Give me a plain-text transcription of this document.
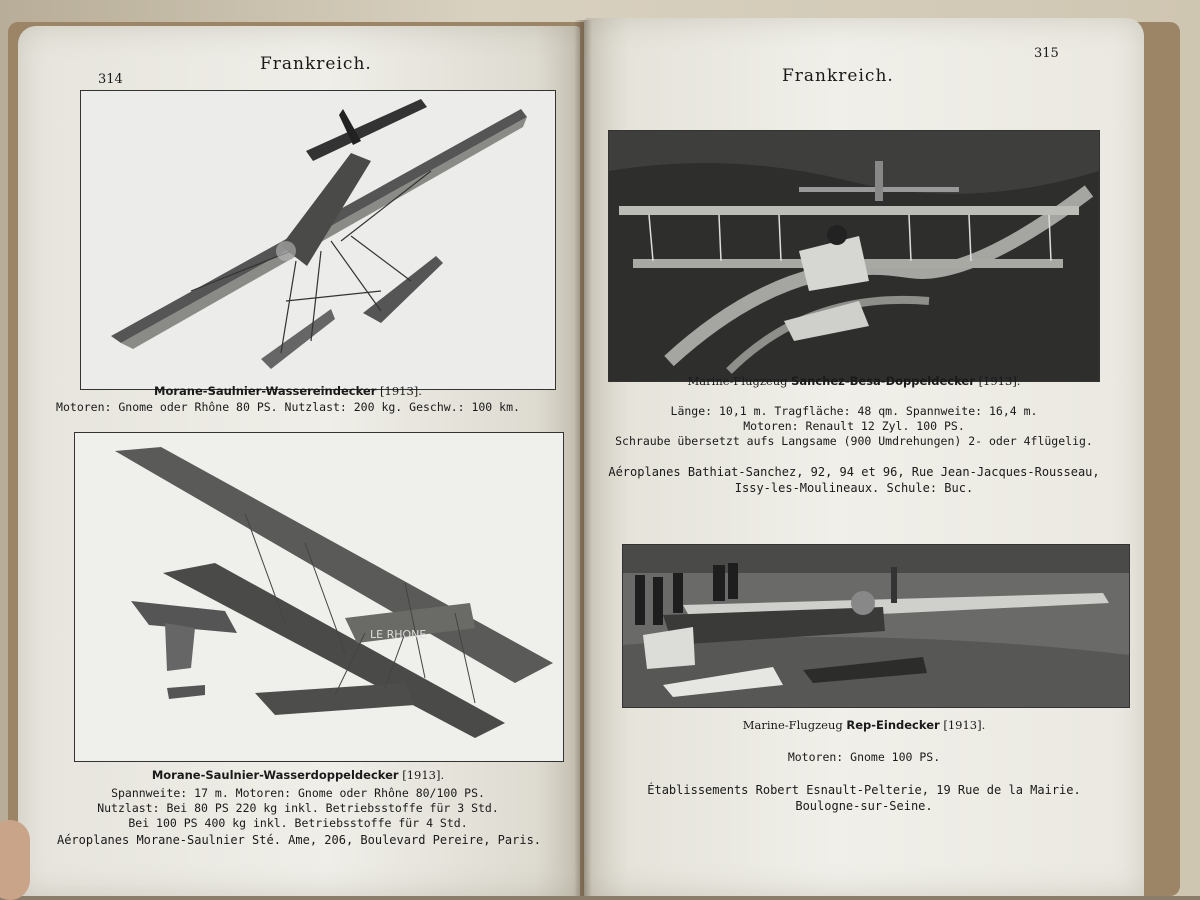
314
Frankreich.
Morane-Saulnier-Wassereindecker [1913].
Motoren: Gnome oder Rhône 80 PS. Nutzlast: 200 kg. Geschw.: 100 km.
LE RHONE
Morane-Saulnier-Wasserdoppeldecker [1913].
Spannweite: 17 m. Motoren: Gnome oder Rhône 80/100 PS.
Nutzlast: Bei 80 PS 220 kg inkl. Betriebsstoffe für 3 Std.
Bei 100 PS 400 kg inkl. Betriebsstoffe für 4 Std.
Aéroplanes Morane-Saulnier Sté. Ame, 206, Boulevard Pereire, Paris.
315
Frankreich.
Marine-Flugzeug Sanchez-Besa-Doppeldecker [1913].
Länge: 10,1 m. Tragfläche: 48 qm. Spannweite: 16,4 m.
Motoren: Renault 12 Zyl. 100 PS.
Schraube übersetzt aufs Langsame (900 Umdrehungen) 2- oder 4flügelig.
Aéroplanes Bathiat-Sanchez, 92, 94 et 96, Rue Jean-Jacques-Rousseau,
Issy-les-Moulineaux. Schule: Buc.
Marine-Flugzeug Rep-Eindecker [1913].
Motoren: Gnome 100 PS.
Établissements Robert Esnault-Pelterie, 19 Rue de la Mairie.
Boulogne-sur-Seine.
